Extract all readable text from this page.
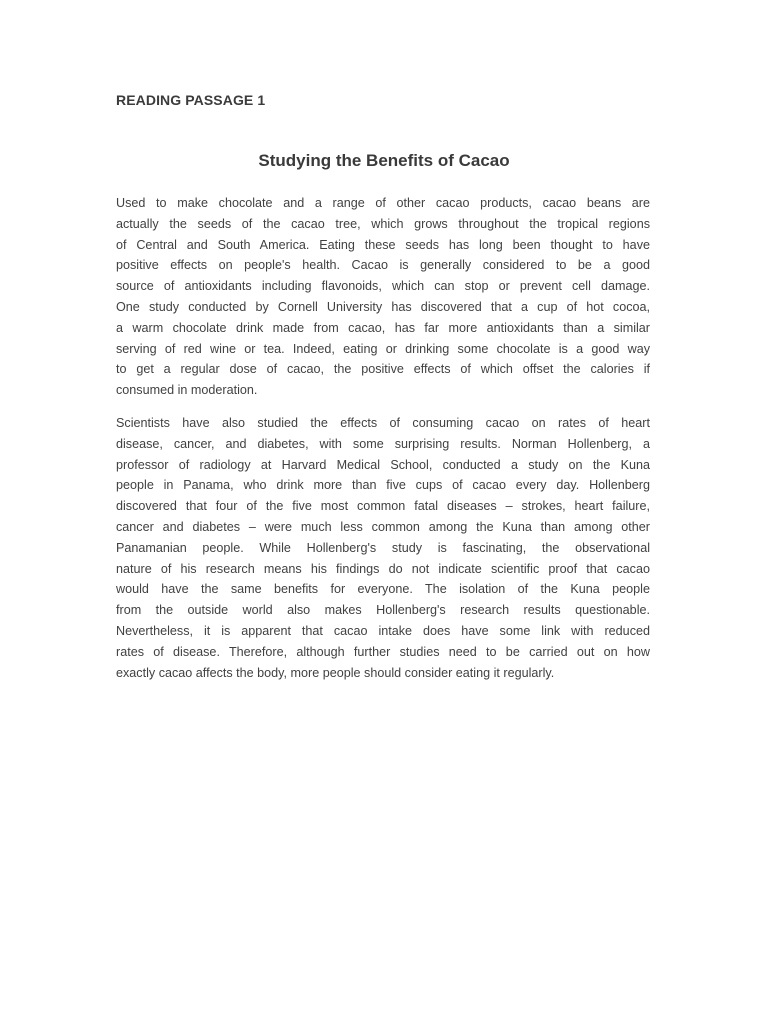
READING PASSAGE 1
Studying the Benefits of Cacao
Used to make chocolate and a range of other cacao products, cacao beans are
actually the seeds of the cacao tree, which grows throughout the tropical regions
of Central and South America. Eating these seeds has long been thought to have
positive effects on people's health. Cacao is generally considered to be a good
source of antioxidants including flavonoids, which can stop or prevent cell damage.
One study conducted by Cornell University has discovered that a cup of hot cocoa,
a warm chocolate drink made from cacao, has far more antioxidants than a similar
serving of red wine or tea. Indeed, eating or drinking some chocolate is a good way
to get a regular dose of cacao, the positive effects of which offset the calories if
consumed in moderation.
Scientists have also studied the effects of consuming cacao on rates of heart
disease, cancer, and diabetes, with some surprising results. Norman Hollenberg, a
professor of radiology at Harvard Medical School, conducted a study on the Kuna
people in Panama, who drink more than five cups of cacao every day. Hollenberg
discovered that four of the five most common fatal diseases – strokes, heart failure,
cancer and diabetes – were much less common among the Kuna than among other
Panamanian people. While Hollenberg's study is fascinating, the observational
nature of his research means his findings do not indicate scientific proof that cacao
would have the same benefits for everyone. The isolation of the Kuna people
from the outside world also makes Hollenberg's research results questionable.
Nevertheless, it is apparent that cacao intake does have some link with reduced
rates of disease. Therefore, although further studies need to be carried out on how
exactly cacao affects the body, more people should consider eating it regularly.
